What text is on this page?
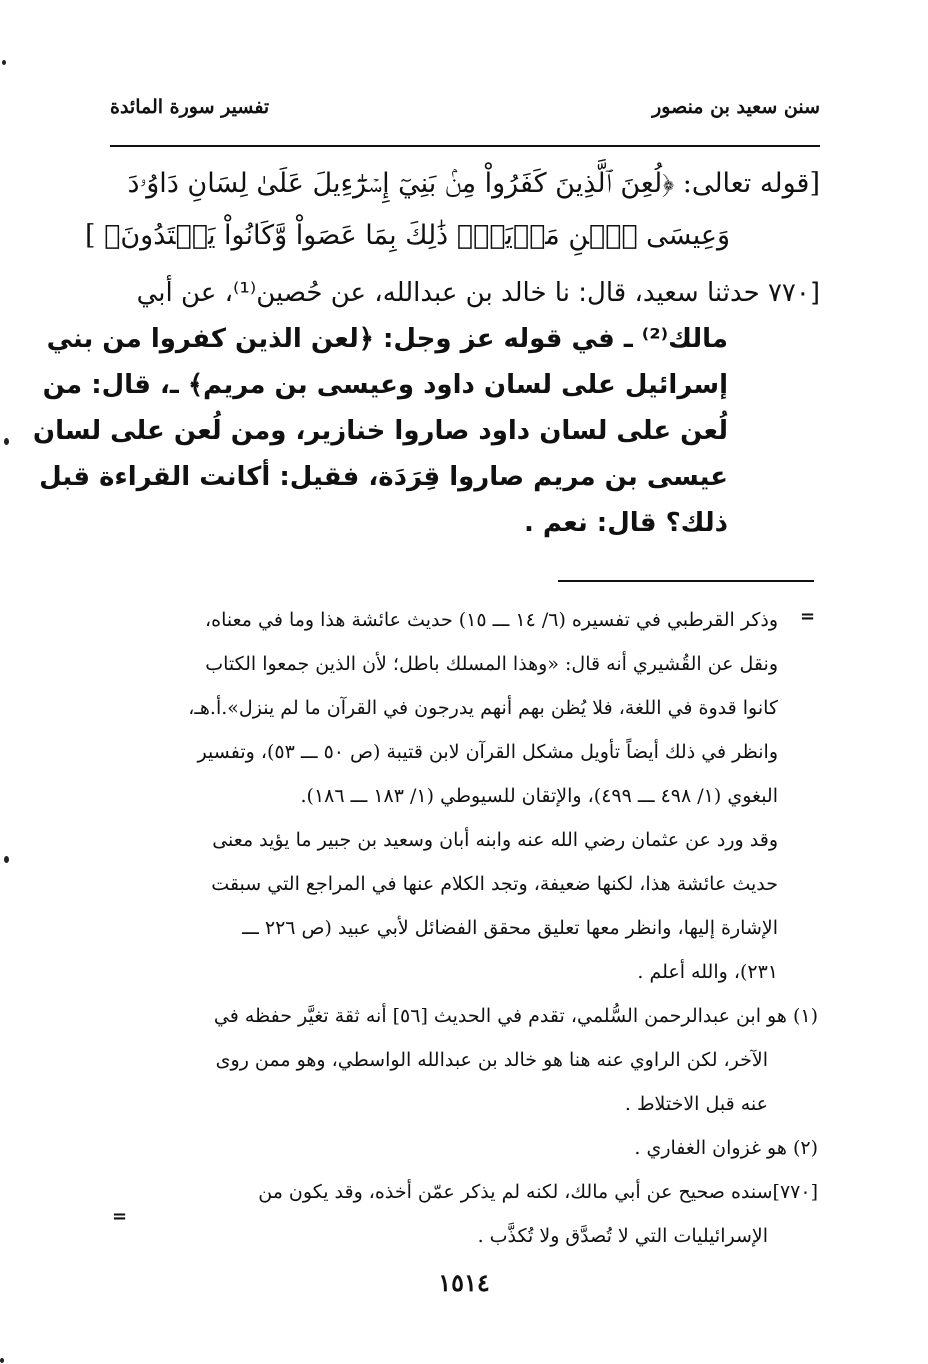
سنن سعيد بن منصور
تفسير سورة المائدة
[قوله تعالى: ﴿لُعِنَ ٱلَّذِينَ كَفَرُواْ مِنۢ بَنِيٓ إِسۡرَٰٓءِيلَ عَلَىٰ لِسَانِ دَاوُۥدَ
وَعِيسَى ٱبۡنِ مَرۡيَمَۚ ذَٰلِكَ بِمَا عَصَواْ وَّكَانُواْ يَعۡتَدُونَ﴾ ]
[٧٧٠ حدثنا سعيد، قال: نا خالد بن عبدالله، عن حُصين⁽¹⁾، عن أبي
مالك⁽²⁾ ـ في قوله عز وجل: ﴿لعن الذين كفروا من بني
إسرائيل على لسان داود وعيسى بن مريم﴾ ـ، قال: من
لُعن على لسان داود صاروا خنازير، ومن لُعن على لسان
عيسى بن مريم صاروا قِرَدَة، فقيل: أكانت القراءة قبل
ذلك؟ قال: نعم .
=
وذكر القرطبي في تفسيره (٦/ ١٤ ـــ ١٥) حديث عائشة هذا وما في معناه،
ونقل عن القُشيري أنه قال: «وهذا المسلك باطل؛ لأن الذين جمعوا الكتاب
كانوا قدوة في اللغة، فلا يُظن بهم أنهم يدرجون في القرآن ما لم ينزل».أ.هـ،
وانظر في ذلك أيضاً تأويل مشكل القرآن لابن قتيبة (ص ٥٠ ـــ ٥٣)، وتفسير
البغوي (١/ ٤٩٨ ـــ ٤٩٩)، والإتقان للسيوطي (١/ ١٨٣ ـــ ١٨٦).
وقد ورد عن عثمان رضي الله عنه وابنه أبان وسعيد بن جبير ما يؤيد معنى
حديث عائشة هذا، لكنها ضعيفة، وتجد الكلام عنها في المراجع التي سبقت
الإشارة إليها، وانظر معها تعليق محقق الفضائل لأبي عبيد (ص ٢٢٦ ـــ
٢٣١)، والله أعلم .
(١) هو ابن عبدالرحمن السُّلمي، تقدم في الحديث [٥٦] أنه ثقة تغيَّر حفظه في
الآخر، لكن الراوي عنه هنا هو خالد بن عبدالله الواسطي، وهو ممن روى
عنه قبل الاختلاط .
(٢) هو غزوان الغفاري .
[٧٧٠]سنده صحيح عن أبي مالك، لكنه لم يذكر عمّن أخذه، وقد يكون من
الإسرائيليات التي لا تُصدَّق ولا تُكذَّب .
=
١٥١٤
